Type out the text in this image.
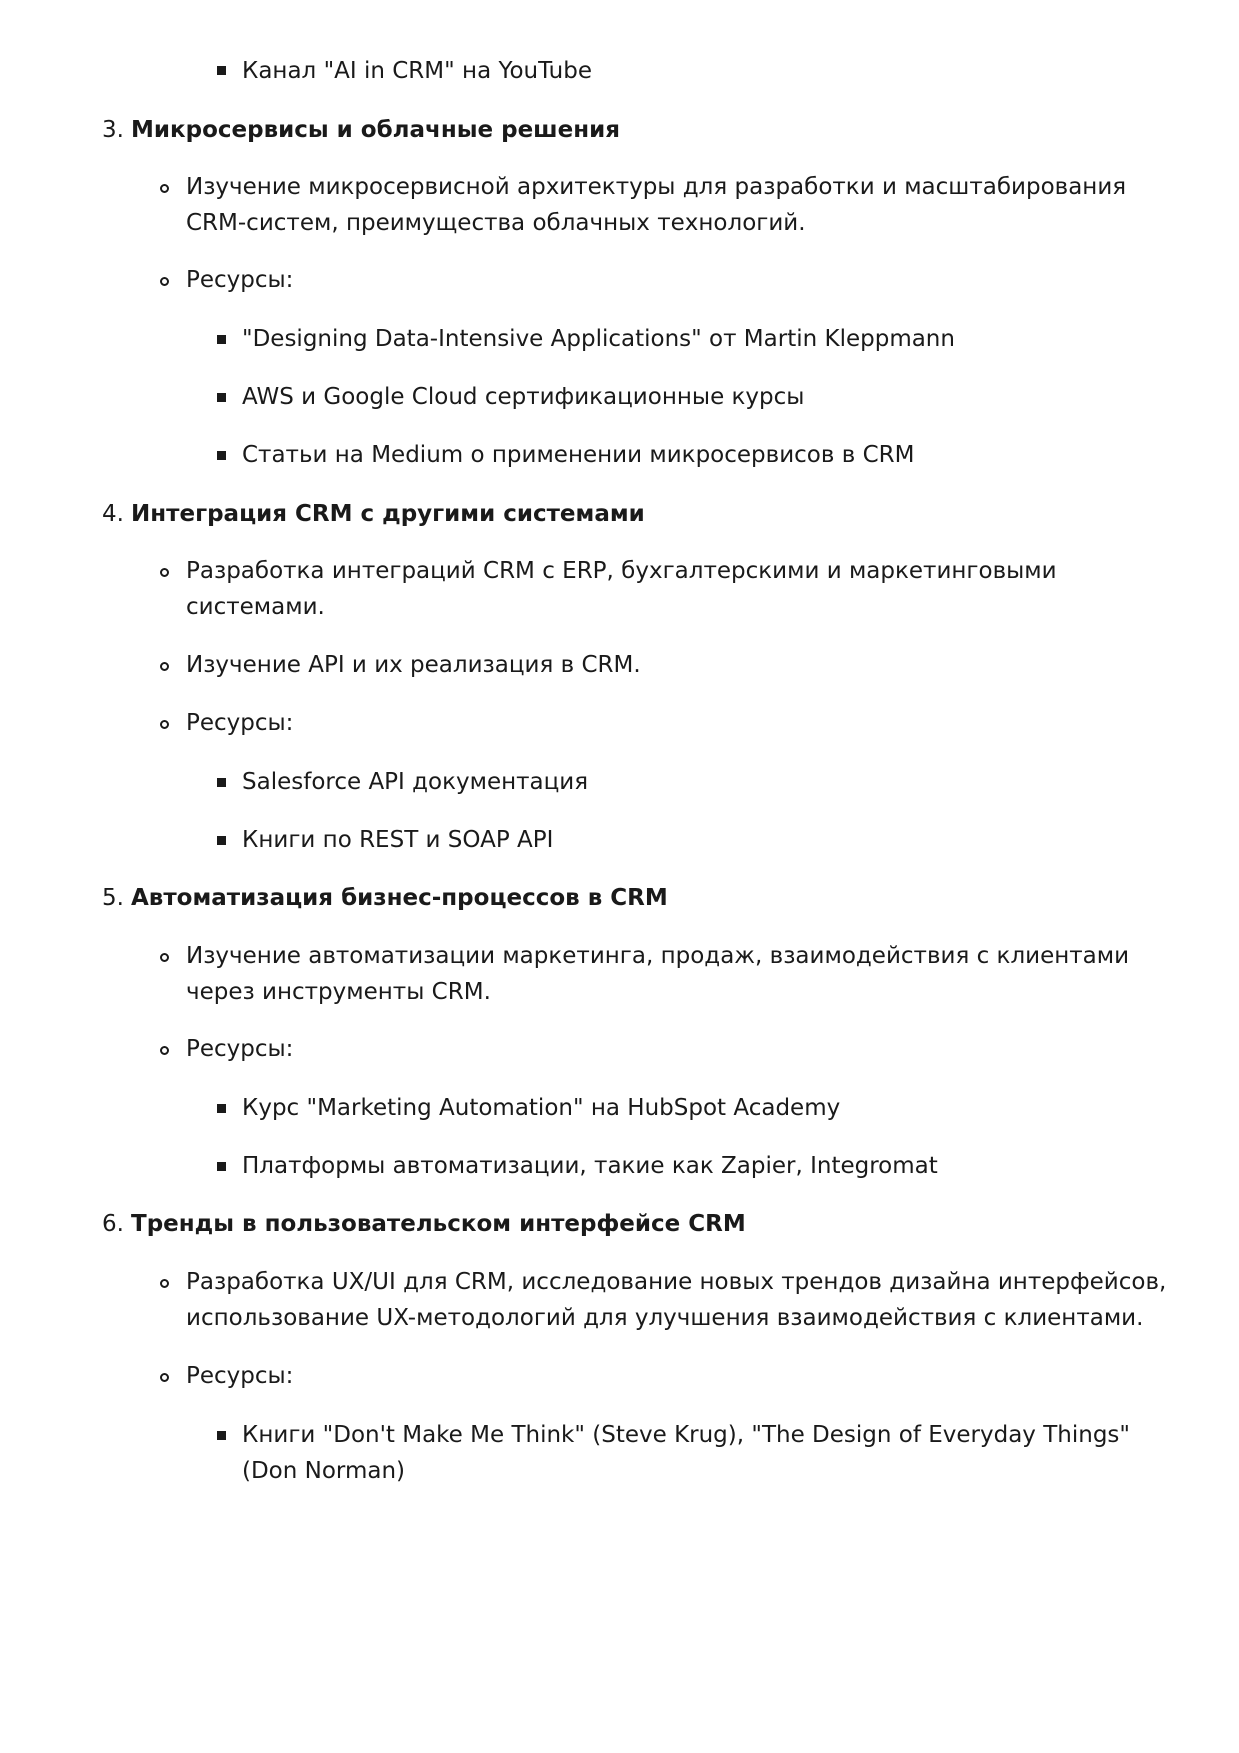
Канал "AI in CRM" на YouTube
3. Микросервисы и облачные решения
Изучение микросервисной архитектуры для разработки и масштабирования
CRM-систем, преимущества облачных технологий.
Ресурсы:
"Designing Data-Intensive Applications" от Martin Kleppmann
AWS и Google Cloud сертификационные курсы
Статьи на Medium о применении микросервисов в CRM
4. Интеграция CRM с другими системами
Разработка интеграций CRM с ERP, бухгалтерскими и маркетинговыми
системами.
Изучение API и их реализация в CRM.
Ресурсы:
Salesforce API документация
Книги по REST и SOAP API
5. Автоматизация бизнес-процессов в CRM
Изучение автоматизации маркетинга, продаж, взаимодействия с клиентами
через инструменты CRM.
Ресурсы:
Курс "Marketing Automation" на HubSpot Academy
Платформы автоматизации, такие как Zapier, Integromat
6. Тренды в пользовательском интерфейсе CRM
Разработка UX/UI для CRM, исследование новых трендов дизайна интерфейсов,
использование UX-методологий для улучшения взаимодействия с клиентами.
Ресурсы:
Книги "Don't Make Me Think" (Steve Krug), "The Design of Everyday Things"
(Don Norman)
